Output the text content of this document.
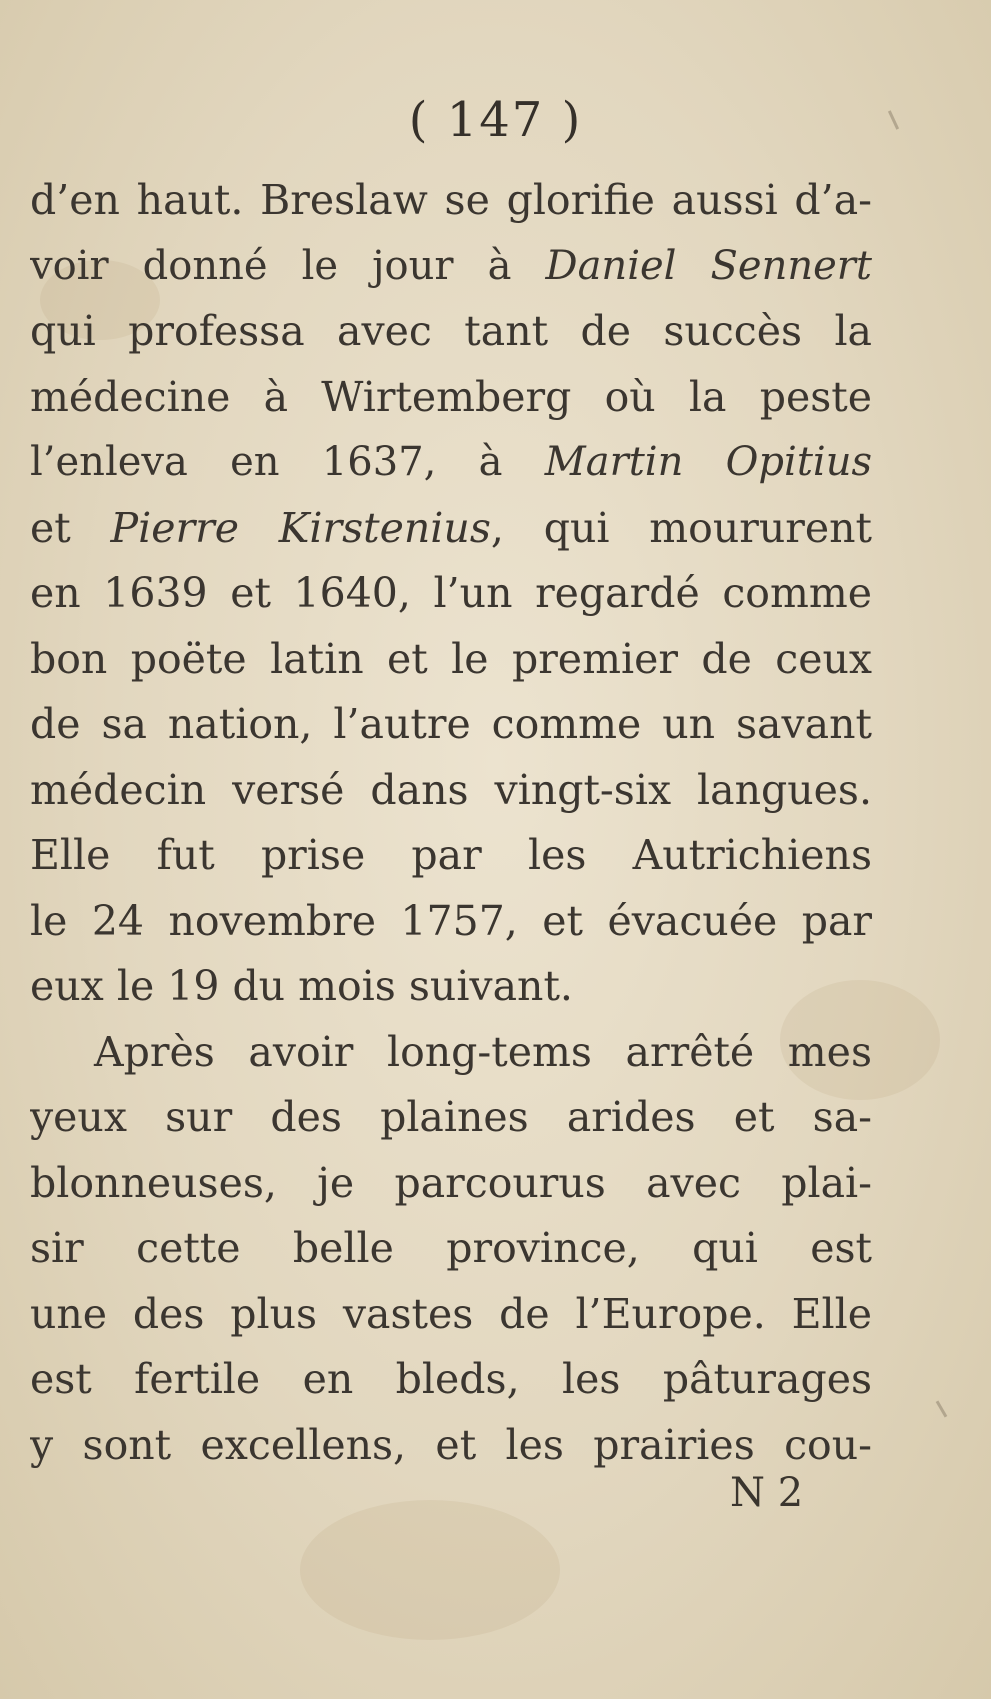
( 147 )
d’en haut. Breslaw se glorifie aussi d’a-
voir donné le jour à Daniel Sennert
qui professa avec tant de succès la
médecine à Wirtemberg où la peste
l’enleva en 1637, à Martin Opitius
et Pierre Kirstenius, qui moururent
en 1639 et 1640, l’un regardé comme
bon poëte latin et le premier de ceux
de sa nation, l’autre comme un savant
médecin versé dans vingt-six langues.
Elle fut prise par les Autrichiens
le 24 novembre 1757, et évacuée par
eux le 19 du mois suivant.
Après avoir long-tems arrêté mes
yeux sur des plaines arides et sa-
blonneuses, je parcourus avec plai-
sir cette belle province, qui est
une des plus vastes de l’Europe. Elle
est fertile en bleds, les pâturages
y sont excellens, et les prairies cou-
N 2
